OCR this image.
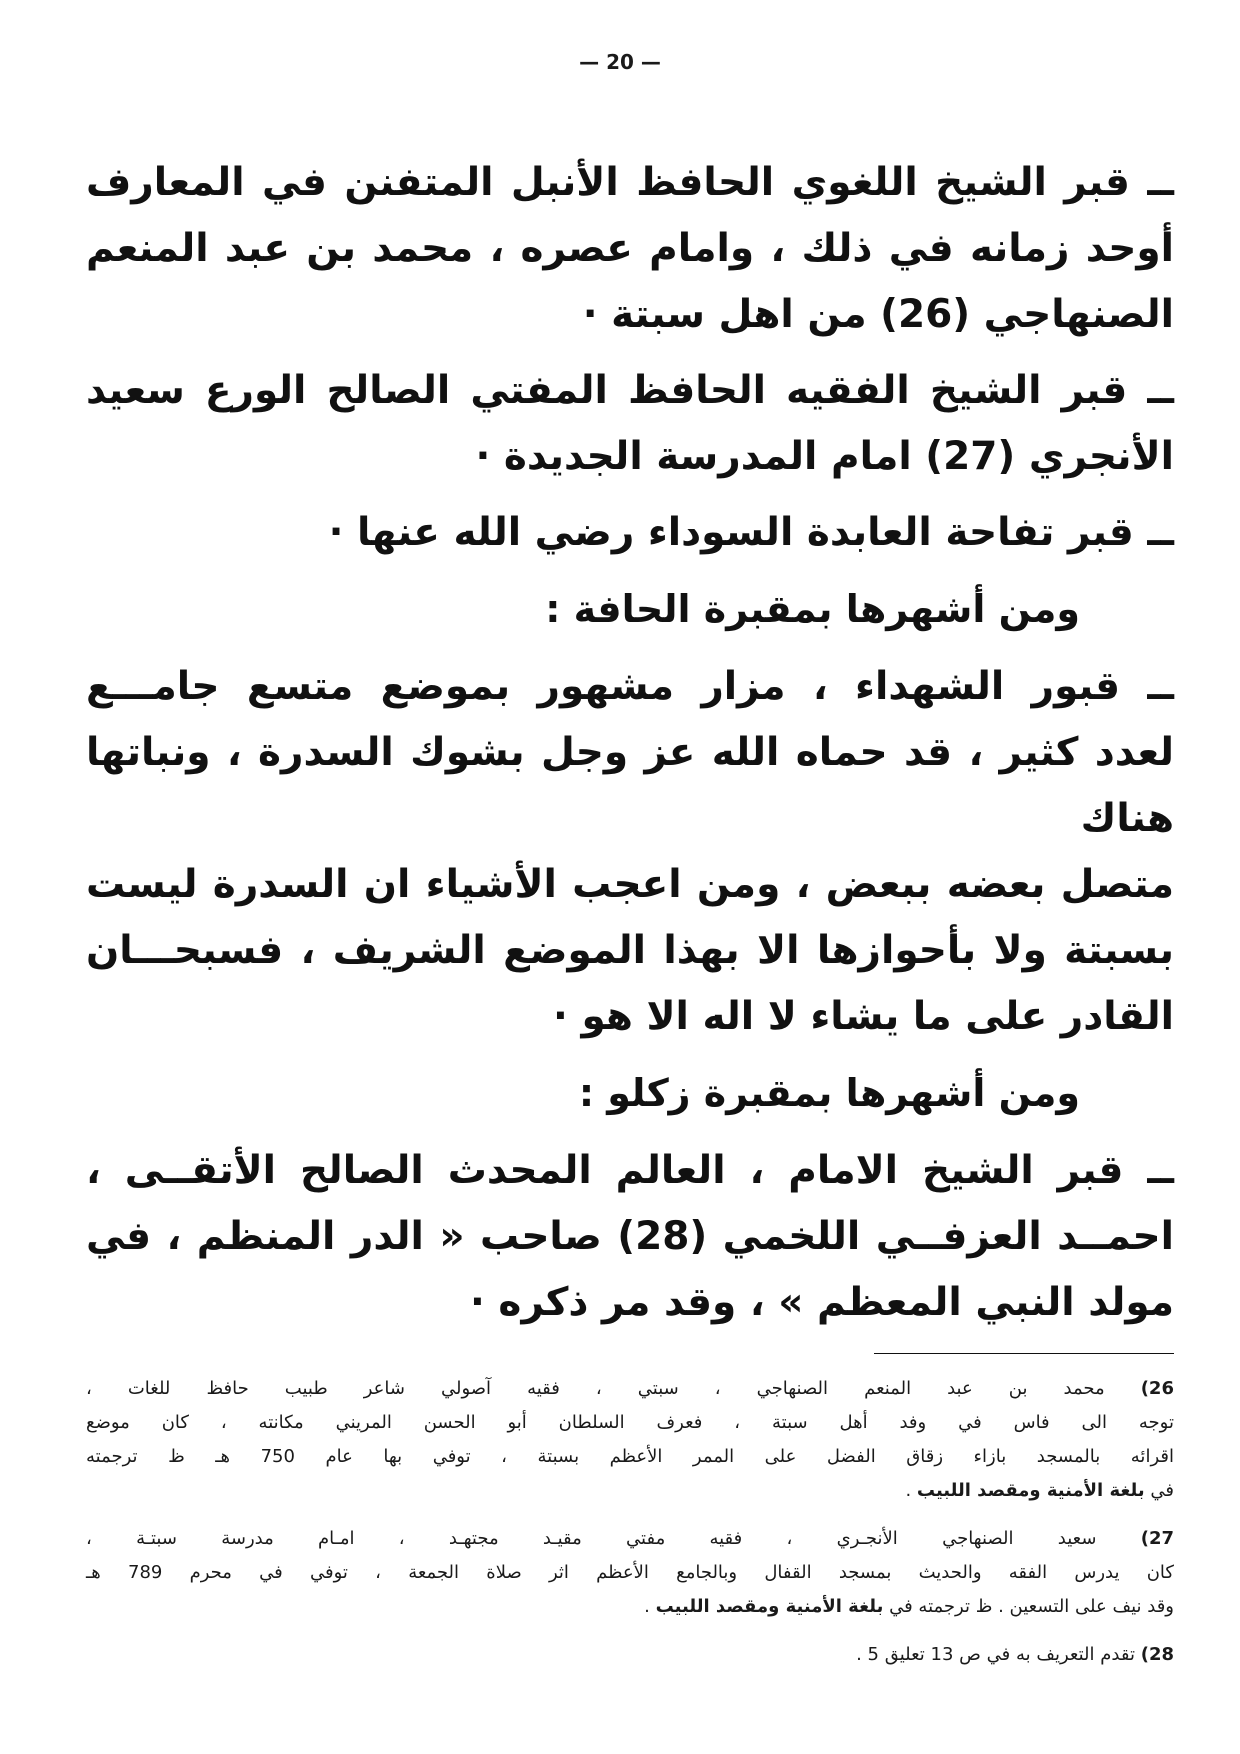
— 20 —

ــ قبر الشيخ اللغوي الحافظ الأنبل المتفنن في المعارف
أوحد زمانه في ذلك ، وامام عصره ، محمد بن عبد المنعم
الصنهاجي (26) من اهل سبتة ·

ــ قبر الشيخ الفقيه الحافظ المفتي الصالح الورع سعيد
الأنجري (27) امام المدرسة الجديدة ·

ــ قبر تفاحة العابدة السوداء رضي الله عنها ·

ومن أشهرها بمقبرة الحافة :

ــ قبور الشهداء ، مزار مشهور بموضع متسع جامـــع
لعدد كثير ، قد حماه الله عز وجل بشوك السدرة ، ونباتها هناك
متصل بعضه ببعض ، ومن اعجب الأشياء ان السدرة ليست
بسبتة ولا بأحوازها الا بهذا الموضع الشريف ، فسبحـــان
القادر على ما يشاء لا اله الا هو ·

ومن أشهرها بمقبرة زكلو :

ــ قبر الشيخ الامام ، العالم المحدث الصالح الأتقــى ،
احمــد العزفــي اللخمي (28) صاحب « الدر المنظم ، في
مولد النبي المعظم » ، وقد مر ذكره ·

26) محمد بن عبد المنعم الصنهاجي ، سبتي ، فقيه آصولي شاعر طبيب حافظ للغات ،
توجه الى فاس في وفد أهل سبتة ، فعرف السلطان أبو الحسن المريني مكانته ، كان موضع
اقرائه بالمسجد بازاء زقاق الفضل على الممر الأعظم بسبتة ، توفي بها عام 750 هـ ظ ترجمته
في بلغة الأمنية ومقصد اللبيب .

27) سعيد الصنهاجي الأنجـري ، فقيه مفتي مقيـد مجتهـد ، امـام مدرسة سبتـة ،
كان يدرس الفقه والحديث بمسجد القفال وبالجامع الأعظم اثر صلاة الجمعة ، توفي في محرم 789 هـ
وقد نيف على التسعين . ظ ترجمته في بلغة الأمنية ومقصد اللبيب .

28) تقدم التعريف به في ص 13 تعليق 5 .
